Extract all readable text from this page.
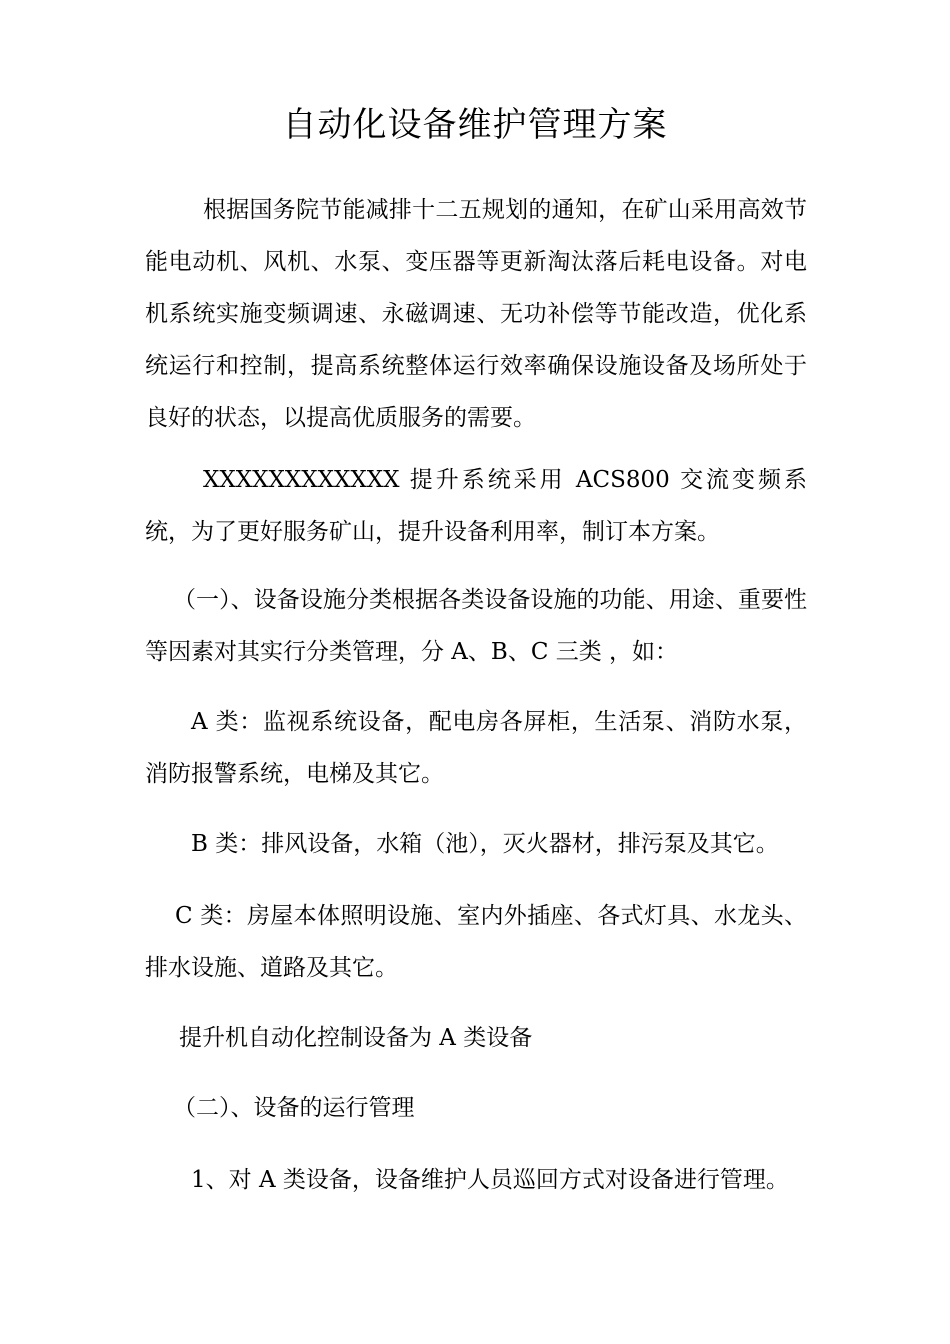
自动化设备维护管理方案

根据国务院节能减排十二五规划的通知，在矿山采用高效节能电动机、风机、水泵、变压器等更新淘汰落后耗电设备。对电机系统实施变频调速、永磁调速、无功补偿等节能改造，优化系统运行和控制，提高系统整体运行效率确保设施设备及场所处于良好的状态，以提高优质服务的需要。

XXXXXXXXXXXX 提升系统采用 ACS800 交流变频系统，为了更好服务矿山，提升设备利用率，制订本方案。

（一）、设备设施分类根据各类设备设施的功能、用途、重要性等因素对其实行分类管理，分 A、B、C 三类 ，如：

A 类：监视系统设备，配电房各屏柜，生活泵、消防水泵，消防报警系统，电梯及其它。

B 类：排风设备，水箱（池），灭火器材，排污泵及其它。

C 类：房屋本体照明设施、室内外插座、各式灯具、水龙头、排水设施、道路及其它。

提升机自动化控制设备为 A 类设备

（二）、设备的运行管理

1、对 A 类设备，设备维护人员巡回方式对设备进行管理。
